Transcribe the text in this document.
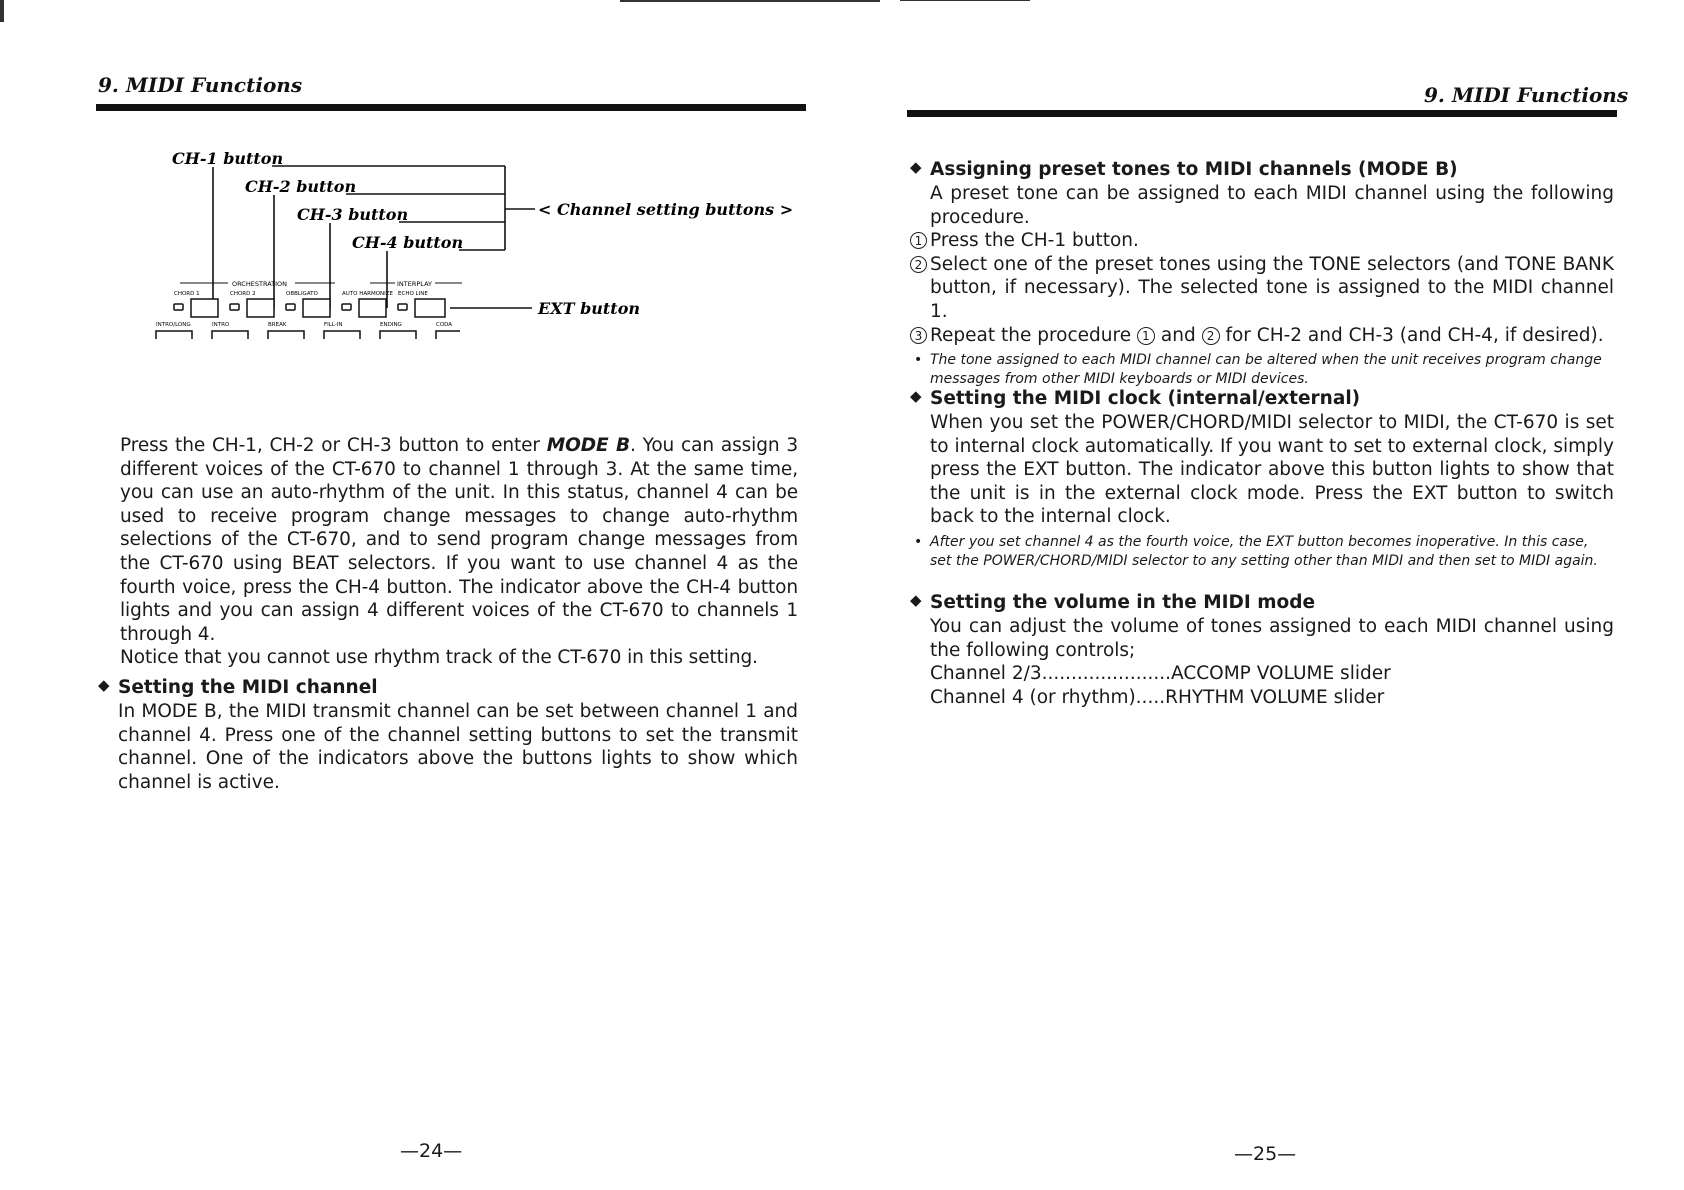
9. MIDI Functions
CH-1 button
CH-2 button
CH-3 button
CH-4 button
< Channel setting buttons >
EXT button
ORCHESTRATION	INTERPLAY
CHORD 1	CHORD 2	OBBLIGATO	AUTO HARMONIZE ECHO LINE
INTRO/LONG	INTRO	BREAK	FILL-IN	ENDING	CODA
Press the CH-1, CH-2 or CH-3 button to enter MODE B. You can assign 3 different voices of the CT-670 to channel 1 through 3. At the same time, you can use an auto-rhythm of the unit. In this status, channel 4 can be used to receive program change messages to change auto-rhythm selections of the CT-670, and to send program change messages from the CT-670 using BEAT selectors. If you want to use channel 4 as the fourth voice, press the CH-4 button. The indicator above the CH-4 button lights and you can assign 4 different voices of the CT-670 to channels 1 through 4.
Notice that you cannot use rhythm track of the CT-670 in this setting.
◆ Setting the MIDI channel
In MODE B, the MIDI transmit channel can be set between channel 1 and channel 4. Press one of the channel setting buttons to set the transmit channel. One of the indicators above the buttons lights to show which channel is active.
—24—
9. MIDI Functions
◆ Assigning preset tones to MIDI channels (MODE B)
A preset tone can be assigned to each MIDI channel using the following procedure.
1 Press the CH-1 button.
2 Select one of the preset tones using the TONE selectors (and TONE BANK button, if necessary). The selected tone is assigned to the MIDI channel 1.
3 Repeat the procedure 1 and 2 for CH-2 and CH-3 (and CH-4, if desired).
• The tone assigned to each MIDI channel can be altered when the unit receives program change messages from other MIDI keyboards or MIDI devices.
◆ Setting the MIDI clock (internal/external)
When you set the POWER/CHORD/MIDI selector to MIDI, the CT-670 is set to internal clock automatically. If you want to set to external clock, simply press the EXT button. The indicator above this button lights to show that the unit is in the external clock mode. Press the EXT button to switch back to the internal clock.
• After you set channel 4 as the fourth voice, the EXT button becomes inoperative. In this case, set the POWER/CHORD/MIDI selector to any setting other than MIDI and then set to MIDI again.
◆ Setting the volume in the MIDI mode
You can adjust the volume of tones assigned to each MIDI channel using the following controls;
Channel 2/3...................... ACCOMP VOLUME slider
Channel 4 (or rhythm)..... RHYTHM VOLUME slider
—25—
